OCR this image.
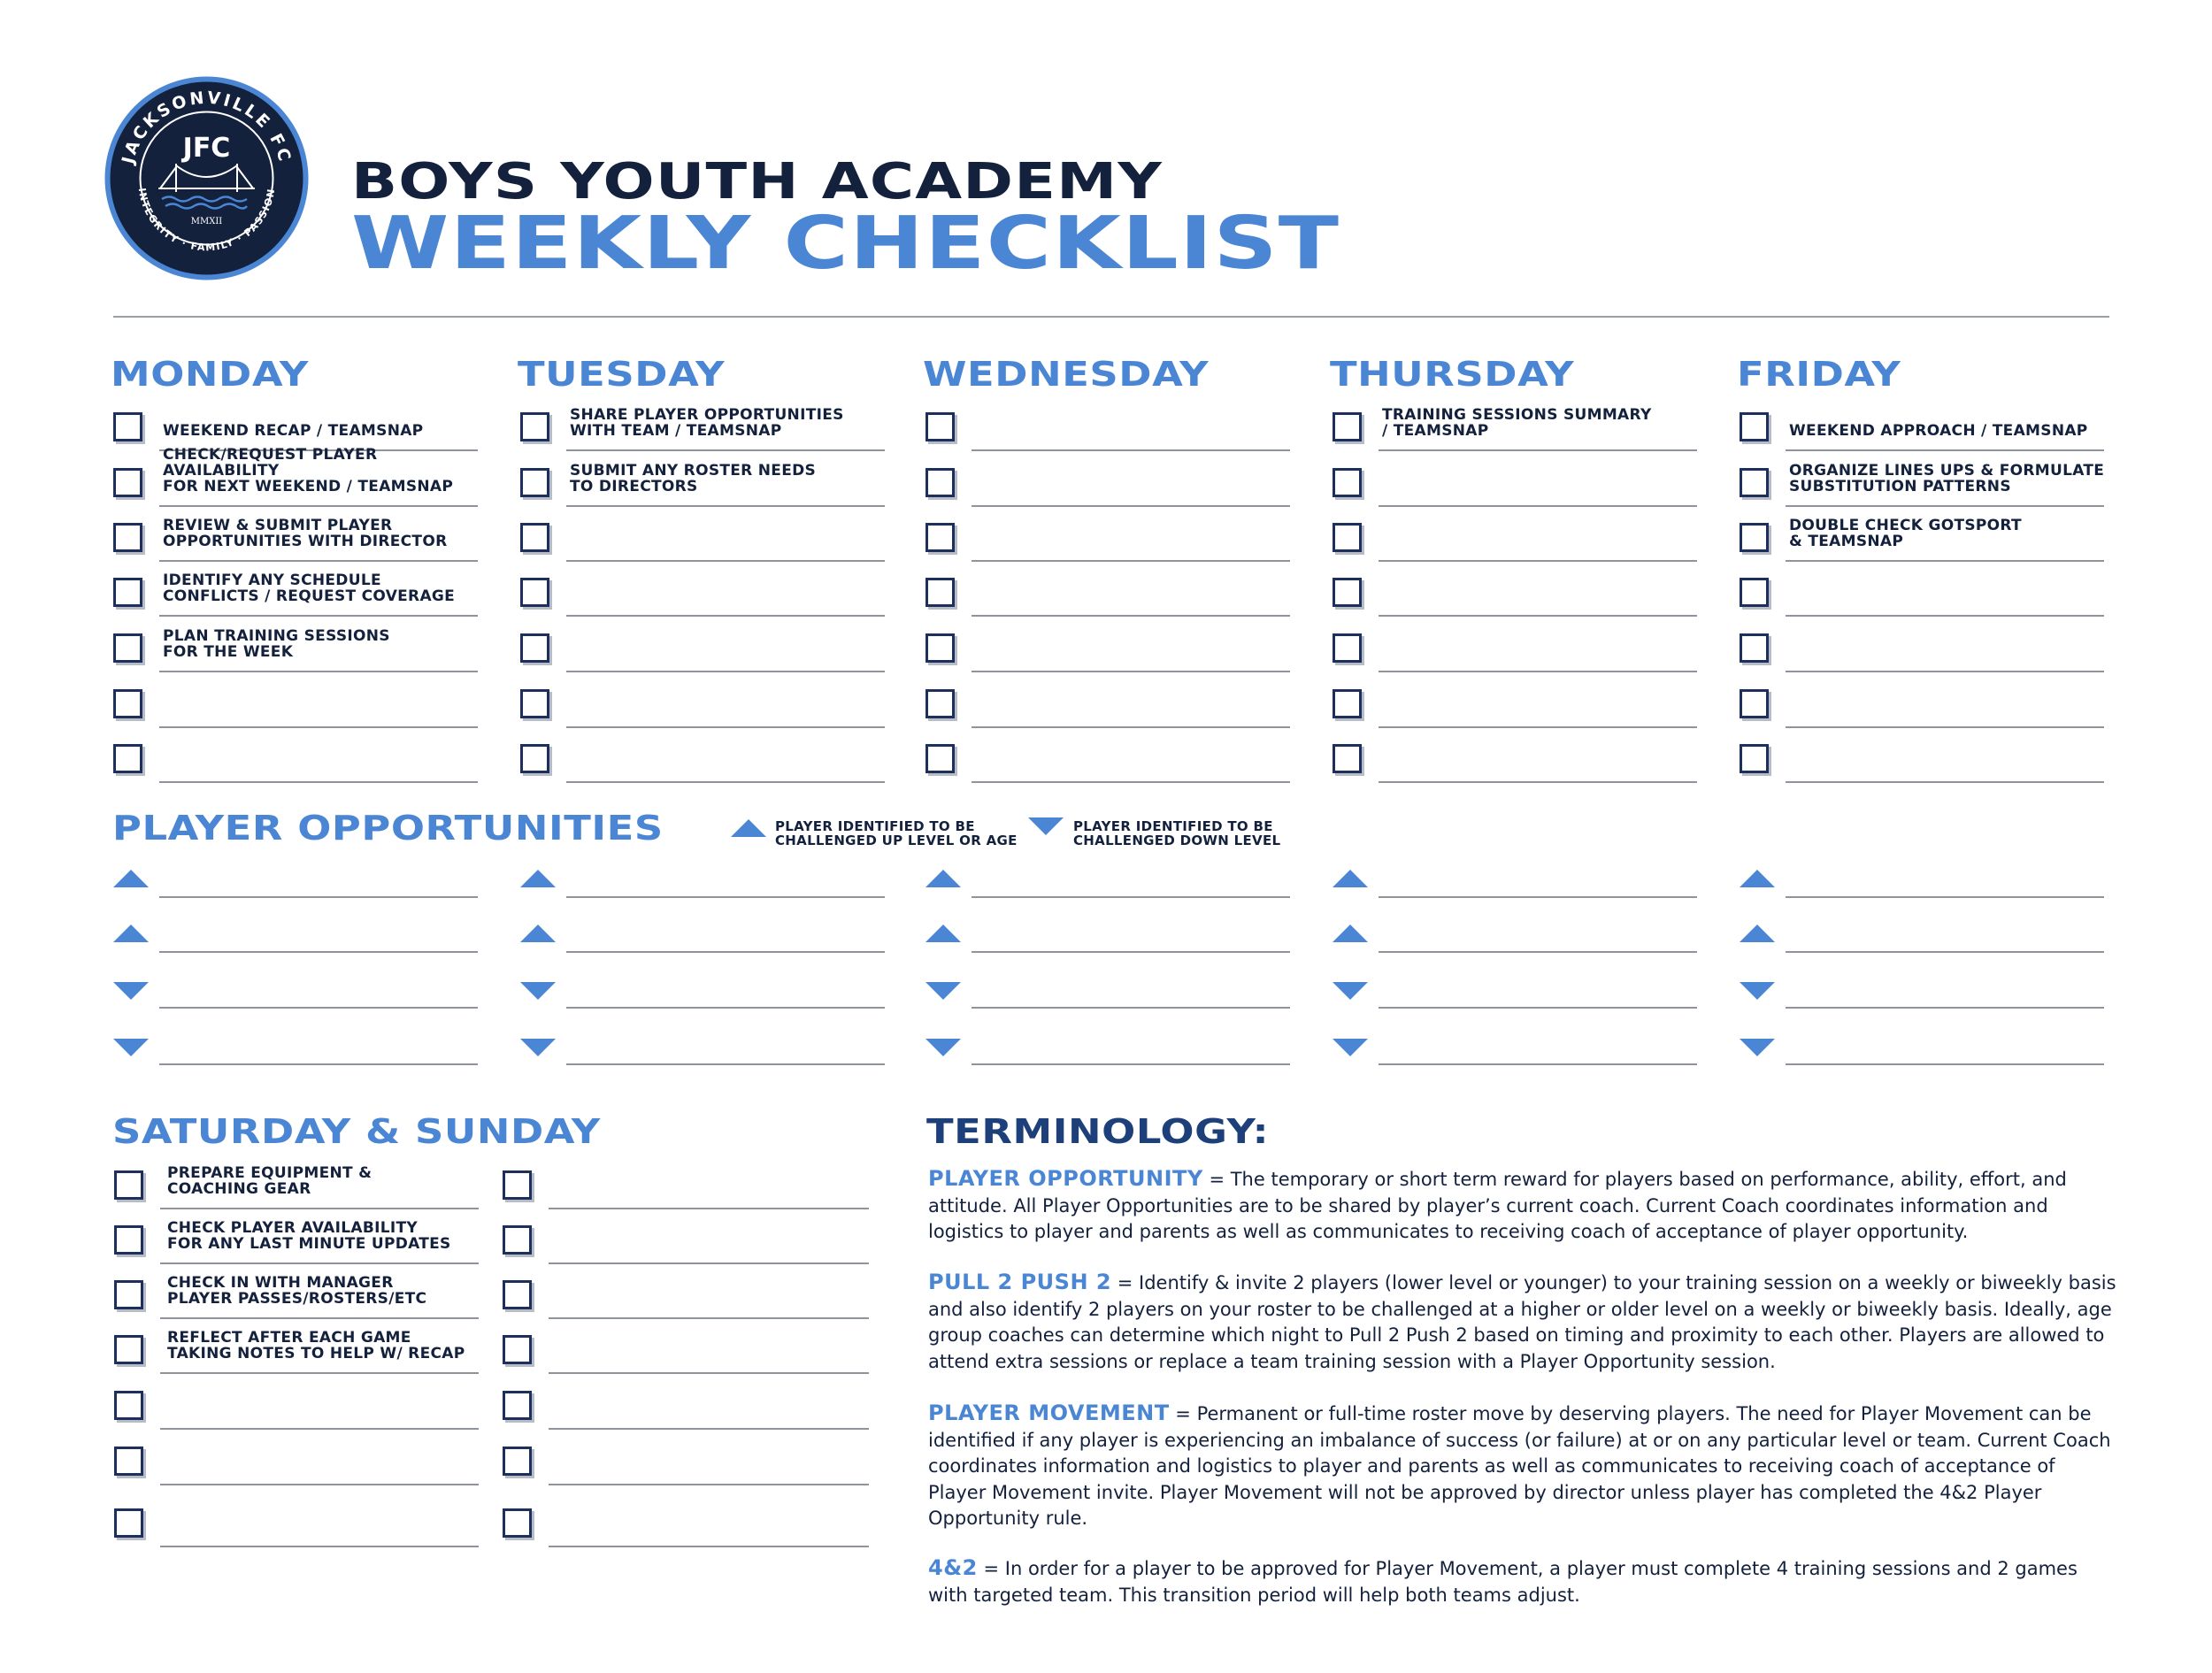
JACKSONVILLE FC
INTEGRITY · FAMILY · PASSION
JFC
MMXII
BOYS YOUTH ACADEMY
WEEKLY CHECKLIST
MONDAY
WEEKEND RECAP / TEAMSNAP
CHECK/REQUEST PLAYER AVAILABILITY
FOR NEXT WEEKEND / TEAMSNAP
REVIEW & SUBMIT PLAYER
OPPORTUNITIES WITH DIRECTOR
IDENTIFY ANY SCHEDULE
CONFLICTS / REQUEST COVERAGE
PLAN TRAINING SESSIONS
FOR THE WEEK
TUESDAY
SHARE PLAYER OPPORTUNITIES
WITH TEAM / TEAMSNAP
SUBMIT ANY ROSTER NEEDS
TO DIRECTORS
WEDNESDAY	THURSDAY
TRAINING SESSIONS SUMMARY
/ TEAMSNAP
FRIDAY
WEEKEND APPROACH / TEAMSNAP
ORGANIZE LINES UPS & FORMULATE
SUBSTITUTION PATTERNS
DOUBLE CHECK GOTSPORT
& TEAMSNAP
PLAYER OPPORTUNITIES	PLAYER IDENTIFIED TO BE
CHALLENGED UP LEVEL OR AGE
PLAYER IDENTIFIED TO BE
CHALLENGED DOWN LEVEL
SATURDAY & SUNDAY
PREPARE EQUIPMENT &
COACHING GEAR
CHECK PLAYER AVAILABILITY
FOR ANY LAST MINUTE UPDATES
CHECK IN WITH MANAGER
PLAYER PASSES/ROSTERS/ETC
REFLECT AFTER EACH GAME
TAKING NOTES TO HELP W/ RECAP
TERMINOLOGY:
PLAYER OPPORTUNITY = The temporary or short term reward for players based on performance, ability, effort, and attitude. All Player Opportunities are to be shared by player’s current coach. Current Coach coordinates information and logistics to player and parents as well as communicates to receiving coach of acceptance of player opportunity.
PULL 2 PUSH 2 = Identify & invite 2 players (lower level or younger) to your training session on a weekly or biweekly basis and also identify 2 players on your roster to be challenged at a higher or older level on a weekly or biweekly basis. Ideally, age group coaches can determine which night to Pull 2 Push 2 based on timing and proximity to each other. Players are allowed to attend extra sessions or replace a team training session with a Player Opportunity session.
PLAYER MOVEMENT = Permanent or full-time roster move by deserving players. The need for Player Movement can be identified if any player is experiencing an imbalance of success (or failure) at or on any particular level or team. Current Coach coordinates information and logistics to player and parents as well as communicates to receiving coach of acceptance of Player Movement invite. Player Movement will not be approved by director unless player has completed the 4&2 Player Opportunity rule.
4&2 = In order for a player to be approved for Player Movement, a player must complete 4 training sessions and 2 games with targeted team. This transition period will help both teams adjust.
